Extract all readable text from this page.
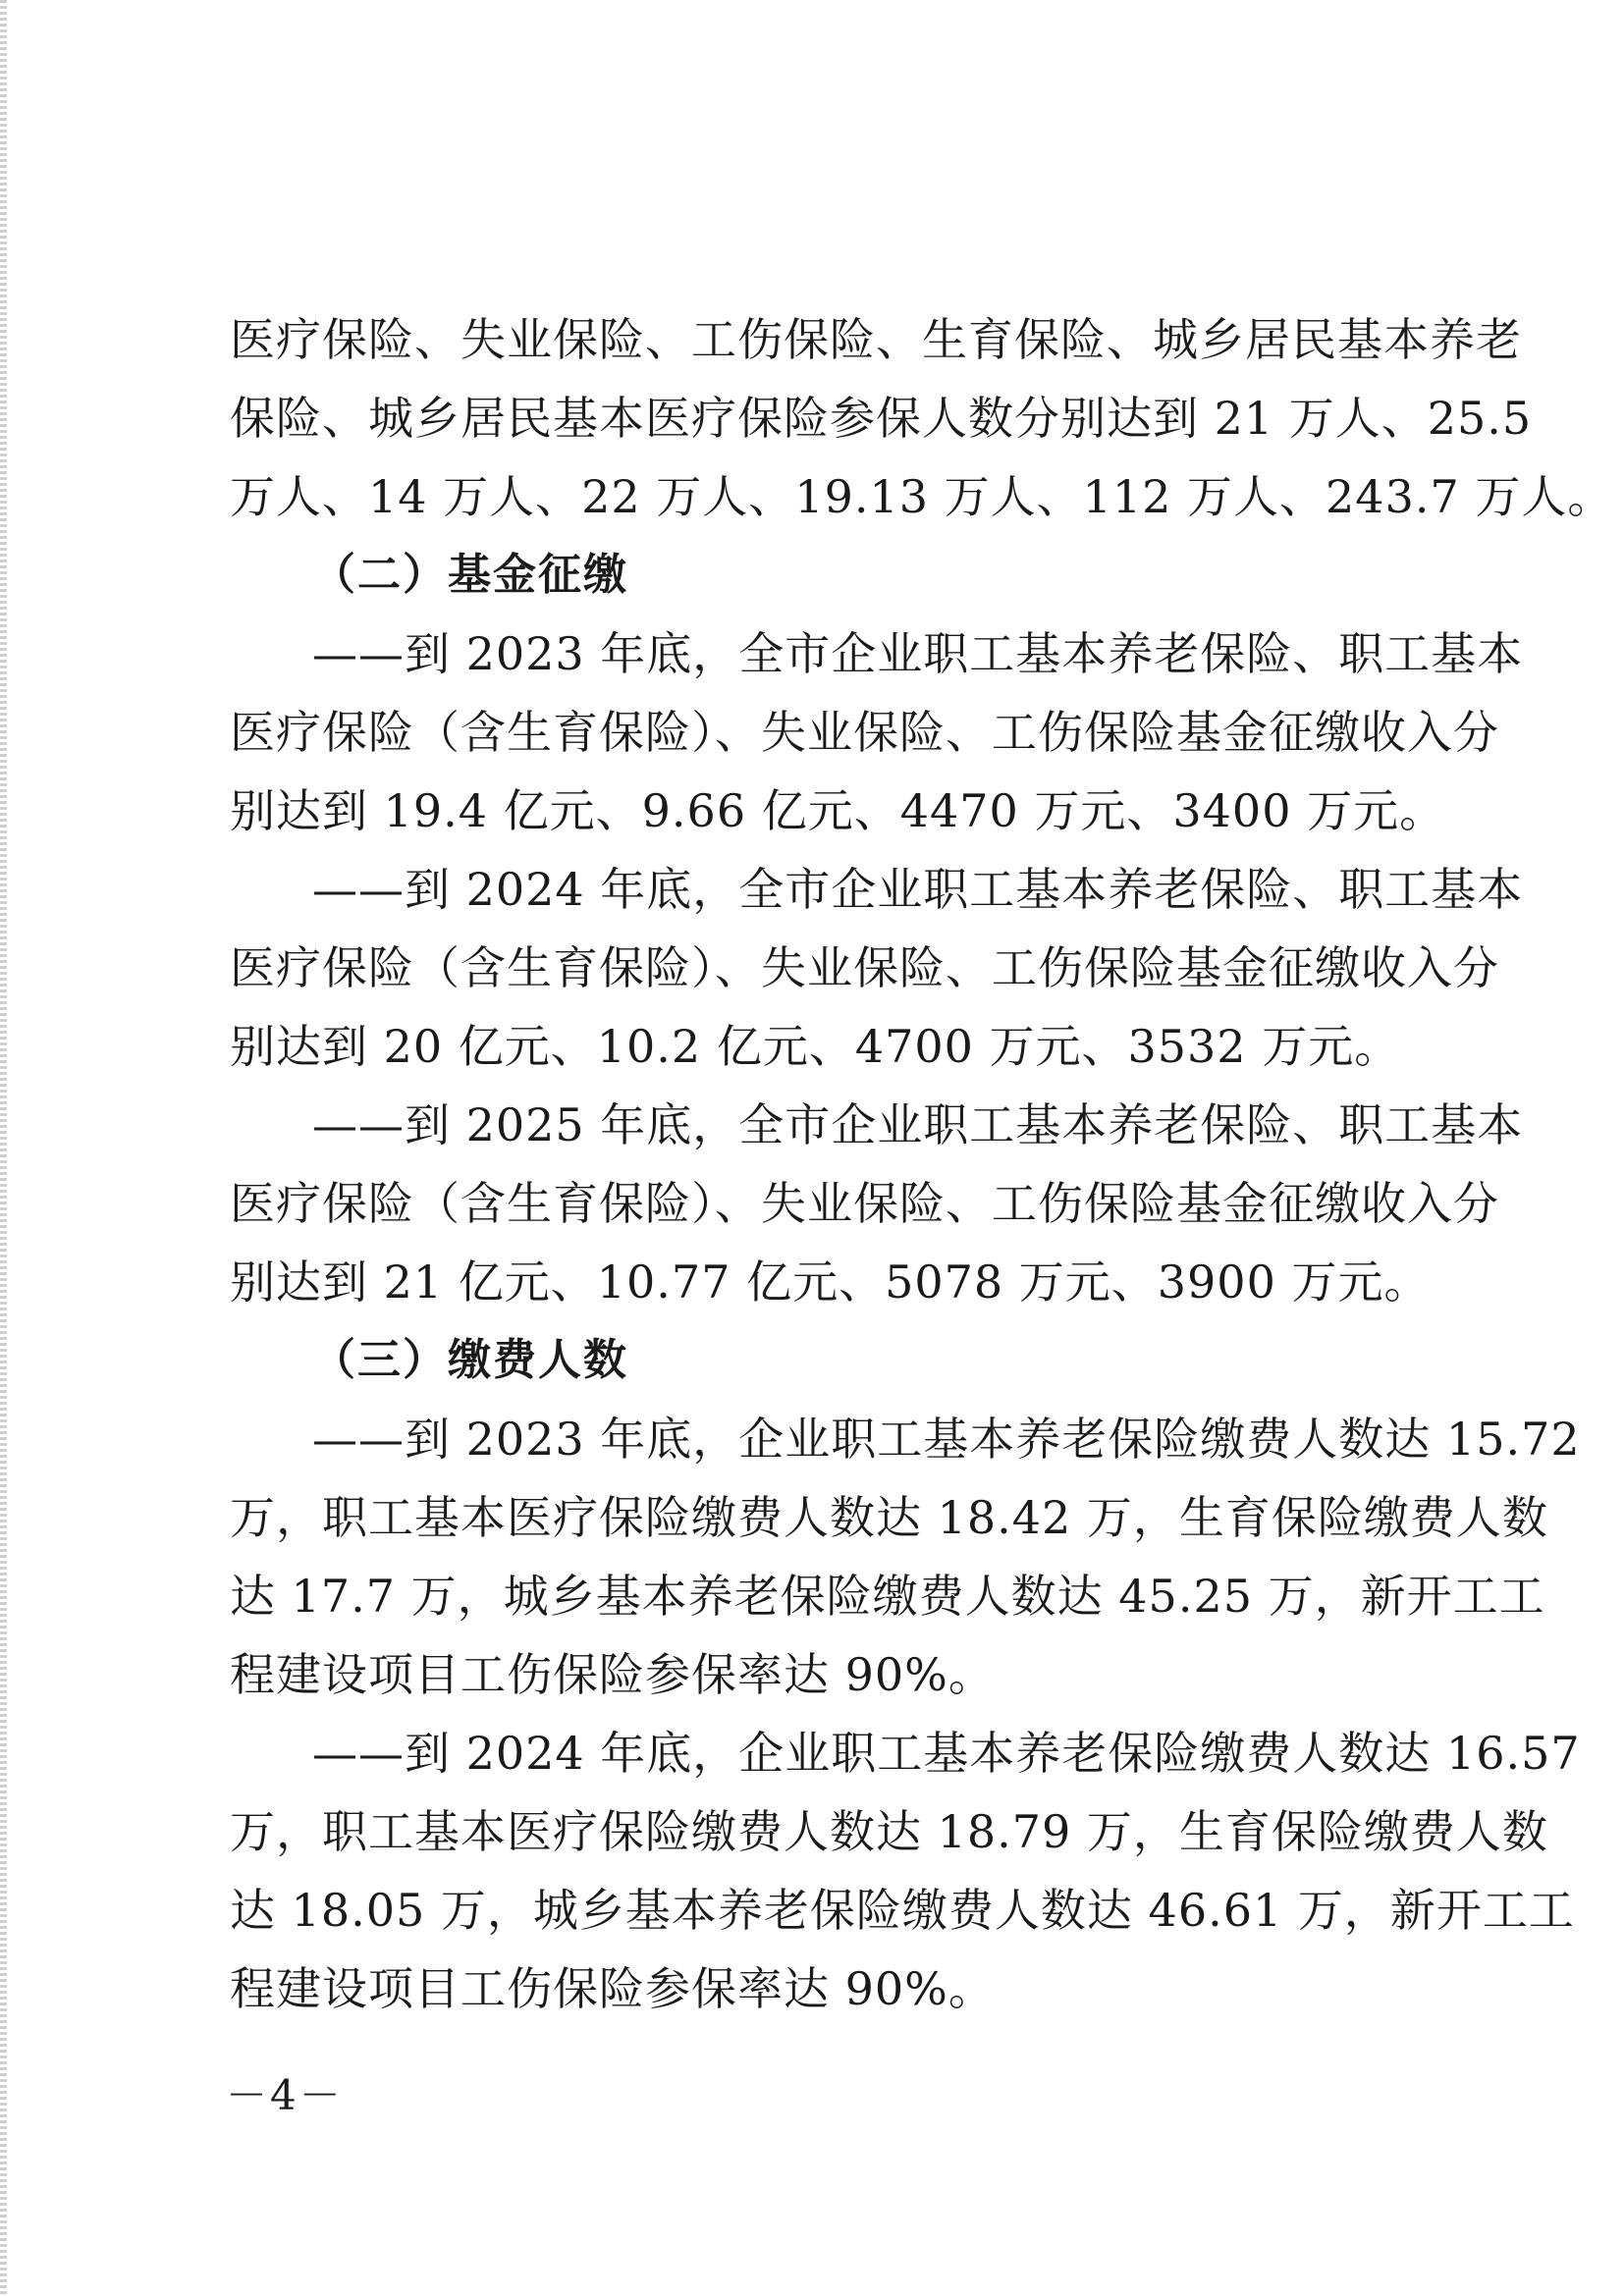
医疗保险、失业保险、工伤保险、生育保险、城乡居民基本养老
保险、城乡居民基本医疗保险参保人数分别达到 21 万人、25.5
万人、14 万人、22 万人、19.13 万人、112 万人、243.7 万人。
（二）基金征缴
——到 2023 年底，全市企业职工基本养老保险、职工基本
医疗保险（含生育保险）、失业保险、工伤保险基金征缴收入分
别达到 19.4 亿元、9.66 亿元、4470 万元、3400 万元。
——到 2024 年底，全市企业职工基本养老保险、职工基本
医疗保险（含生育保险）、失业保险、工伤保险基金征缴收入分
别达到 20 亿元、10.2 亿元、4700 万元、3532 万元。
——到 2025 年底，全市企业职工基本养老保险、职工基本
医疗保险（含生育保险）、失业保险、工伤保险基金征缴收入分
别达到 21 亿元、10.77 亿元、5078 万元、3900 万元。
（三）缴费人数
——到 2023 年底，企业职工基本养老保险缴费人数达 15.72
万，职工基本医疗保险缴费人数达 18.42 万，生育保险缴费人数
达 17.7 万，城乡基本养老保险缴费人数达 45.25 万，新开工工
程建设项目工伤保险参保率达 90%。
——到 2024 年底，企业职工基本养老保险缴费人数达 16.57
万，职工基本医疗保险缴费人数达 18.79 万，生育保险缴费人数
达 18.05 万，城乡基本养老保险缴费人数达 46.61 万，新开工工
程建设项目工伤保险参保率达 90%。
－4－
